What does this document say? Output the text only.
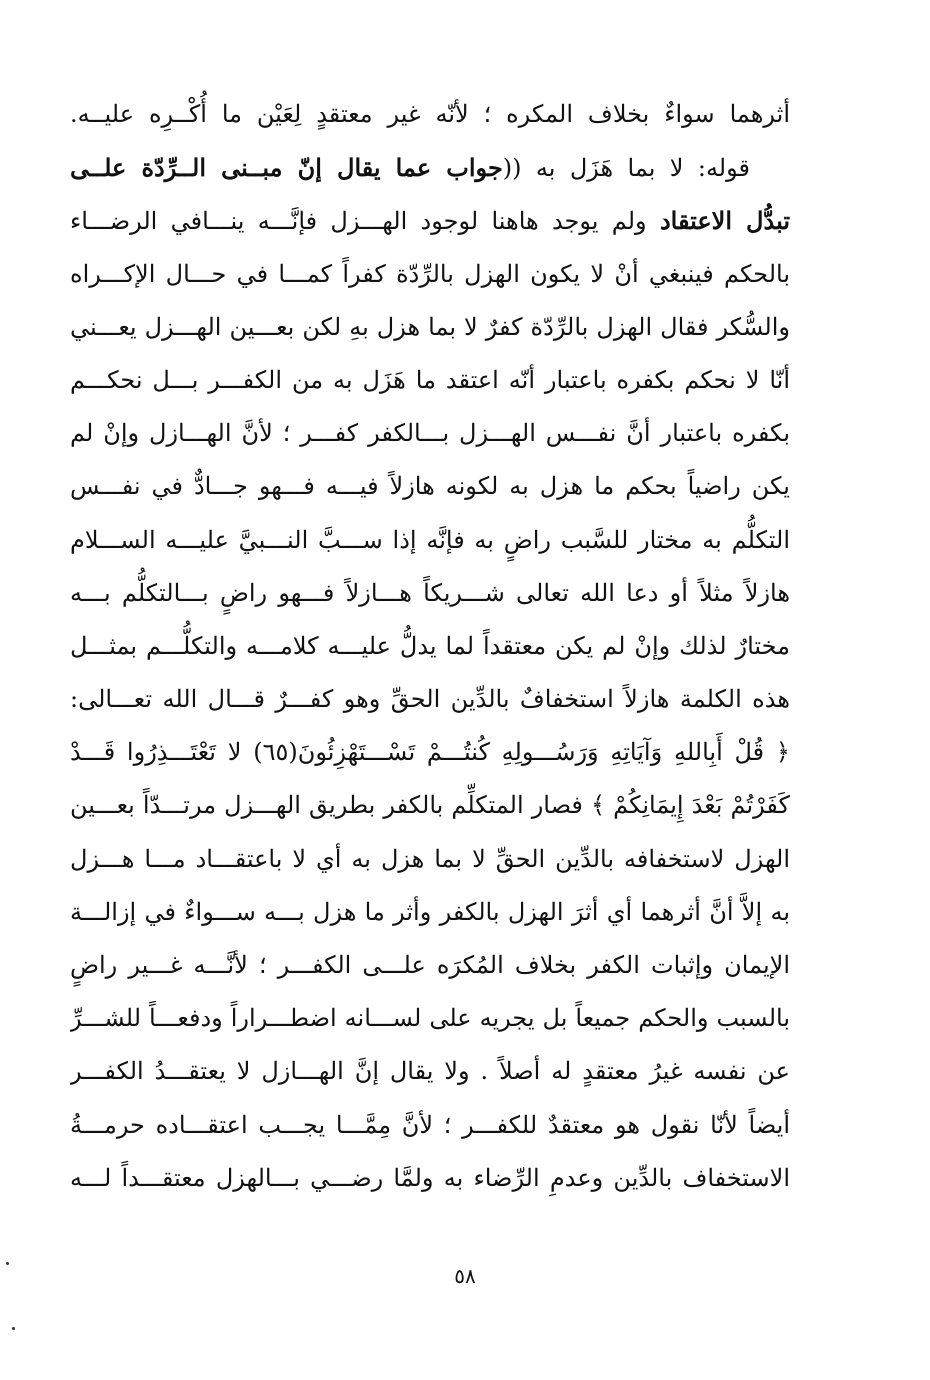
أثرهما سواءٌ بخلاف المكره ؛ لأنّه غير معتقدٍ لِعَيْن ما أُكْــرِه عليــه.
قوله: لا بما هَزَل به ((جواب عما يقال إنّ مبــنى الــرِّدّة علــى
تبدُّل الاعتقاد ولم يوجد هاهنا لوجود الهـــزل فإنَّـــه ينـــافي الرضـــاء
بالحكم فينبغي أنْ لا يكون الهزل بالرِّدّة كفراً كمـــا في حـــال الإكـــراه
والسُّكر فقال الهزل بالرِّدّة كفرٌ لا بما هزل بهِ لكن بعـــين الهـــزل يعـــني
أنّا لا نحكم بكفره باعتبار أنّه اعتقد ما هَزَل به من الكفـــر بـــل نحكـــم
بكفره باعتبار أنَّ نفـــس الهـــزل بـــالكفر كفـــر ؛ لأنَّ الهـــازل وإنْ لم
يكن راضياً بحكم ما هزل به لكونه هازلاً فيـــه فـــهو جـــادٌّ في نفـــس
التكلُّم به مختار للسَّبب راضٍ به فإنَّه إذا ســـبَّ النـــبيَّ عليـــه الســـلام
هازلاً مثلاً أو دعا الله تعالى شـــريكاً هـــازلاً فـــهو راضٍ بـــالتكلُّم بـــه
مختارٌ لذلك وإنْ لم يكن معتقداً لما يدلُّ عليـــه كلامـــه والتكلُّـــم بمثـــل
هذه الكلمة هازلاً استخفافٌ بالدِّين الحقِّ وهو كفـــرٌ قـــال الله تعـــالى:
﴿ قُلْ أَبِاللهِ وَآيَاتِهِ وَرَسُـــولِهِ كُنتُـــمْ تَسْـــتَهْزِئُونَ(٦٥) لا تَعْتَـــذِرُوا قَـــدْ
كَفَرْتُمْ بَعْدَ إِيمَانِكُمْ ﴾ فصار المتكلِّم بالكفر بطريق الهـــزل مرتـــدّاً بعـــين
الهزل لاستخفافه بالدِّين الحقِّ لا بما هزل به أي لا باعتقـــاد مـــا هـــزل
به إلاَّ أنَّ أثرهما أي أثرَ الهزل بالكفر وأثر ما هزل بـــه ســـواءٌ في إزالـــة
الإيمان وإثبات الكفر بخلاف المُكرَه علـــى الكفـــر ؛ لأنَّـــه غـــير راضٍ
بالسبب والحكم جميعاً بل يجريه على لســـانه اضطـــراراً ودفعـــاً للشـــرِّ
عن نفسه غيرُ معتقدٍ له أصلاً . ولا يقال إنَّ الهـــازل لا يعتقـــدُ الكفـــر
أيضاً لأنّا نقول هو معتقدٌ للكفـــر ؛ لأنَّ مِمَّـــا يجـــب اعتقـــاده حرمـــةُ
الاستخفاف بالدِّين وعدمِ الرِّضاء به ولمَّا رضـــي بـــالهزل معتقـــداً لـــه
٥٨
